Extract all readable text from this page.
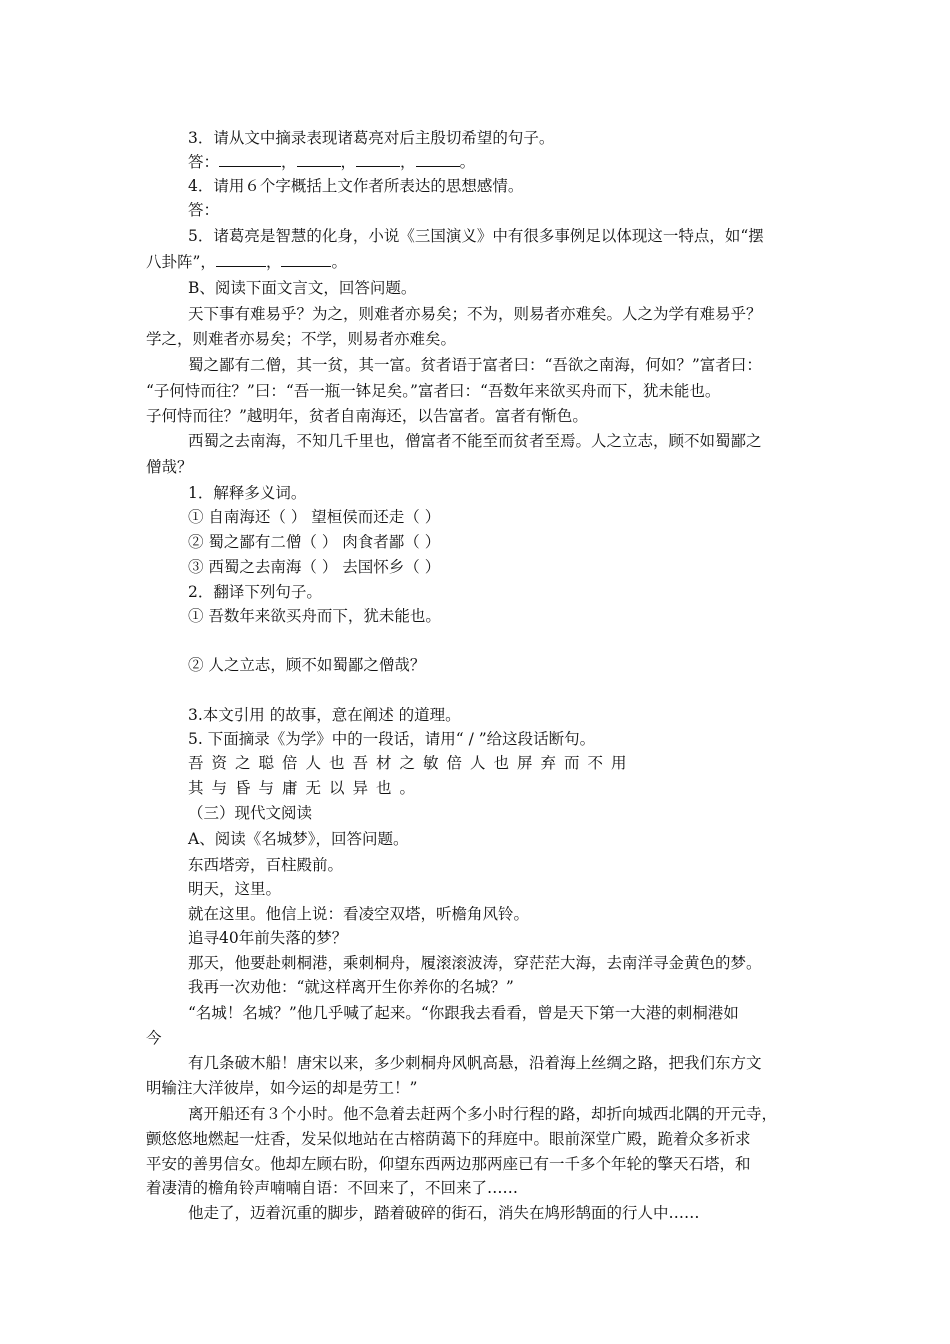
3．请从文中摘录表现诸葛亮对后主殷切希望的句子。
答：	，	，	，	。
4．请用６个字概括上文作者所表达的思想感情。
答：
5．诸葛亮是智慧的化身，小说《三国演义》中有很多事例足以体现这一特点，如“摆
八卦阵”，	，	。
B、阅读下面文言文，回答问题。
天下事有难易乎？为之，则难者亦易矣；不为，则易者亦难矣。人之为学有难易乎？
学之，则难者亦易矣；不学，则易者亦难矣。
蜀之鄙有二僧，其一贫，其一富。贫者语于富者曰：“吾欲之南海，何如？”富者曰：
“子何恃而往？”曰：“吾一瓶一钵足矣。”富者曰：“吾数年来欲买舟而下，犹未能也。
子何恃而往？”越明年，贫者自南海还，以告富者。富者有惭色。
西蜀之去南海，不知几千里也，僧富者不能至而贫者至焉。人之立志，顾不如蜀鄙之
僧哉？
1．解释多义词。
① 自南海还（ ） 望桓侯而还走（ ）
② 蜀之鄙有二僧（ ） 肉食者鄙（ ）
③ 西蜀之去南海（ ） 去国怀乡（ ）
2．翻译下列句子。
① 吾数年来欲买舟而下，犹未能也。
② 人之立志，顾不如蜀鄙之僧哉？
3.本文引用 的故事，意在阐述 的道理。
5. 下面摘录《为学》中的一段话，请用“ / ”给这段话断句。
吾资之聪倍人也吾材之敏倍人也屏弃而不用
其与昏与庸无以异也。
（三）现代文阅读
A、阅读《名城梦》，回答问题。
东西塔旁，百柱殿前。
明天，这里。
就在这里。他信上说：看凌空双塔，听檐角风铃。
追寻40年前失落的梦？
那天，他要赴刺桐港，乘刺桐舟，履滚滚波涛，穿茫茫大海，去南洋寻金黄色的梦。
我再一次劝他：“就这样离开生你养你的名城？”
“名城！名城？”他几乎喊了起来。“你跟我去看看，曾是天下第一大港的刺桐港如
今
有几条破木船！唐宋以来，多少刺桐舟风帆高悬，沿着海上丝绸之路，把我们东方文
明输注大洋彼岸，如今运的却是劳工！”
离开船还有３个小时。他不急着去赶两个多小时行程的路，却折向城西北隅的开元寺，
颤悠悠地燃起一炷香，发呆似地站在古榕荫蔼下的拜庭中。眼前深堂广殿，跪着众多祈求
平安的善男信女。他却左顾右盼，仰望东西两边那两座已有一千多个年轮的擎天石塔，和
着凄清的檐角铃声喃喃自语：不回来了，不回来了……
他走了，迈着沉重的脚步，踏着破碎的街石，消失在鸠形鹄面的行人中……
